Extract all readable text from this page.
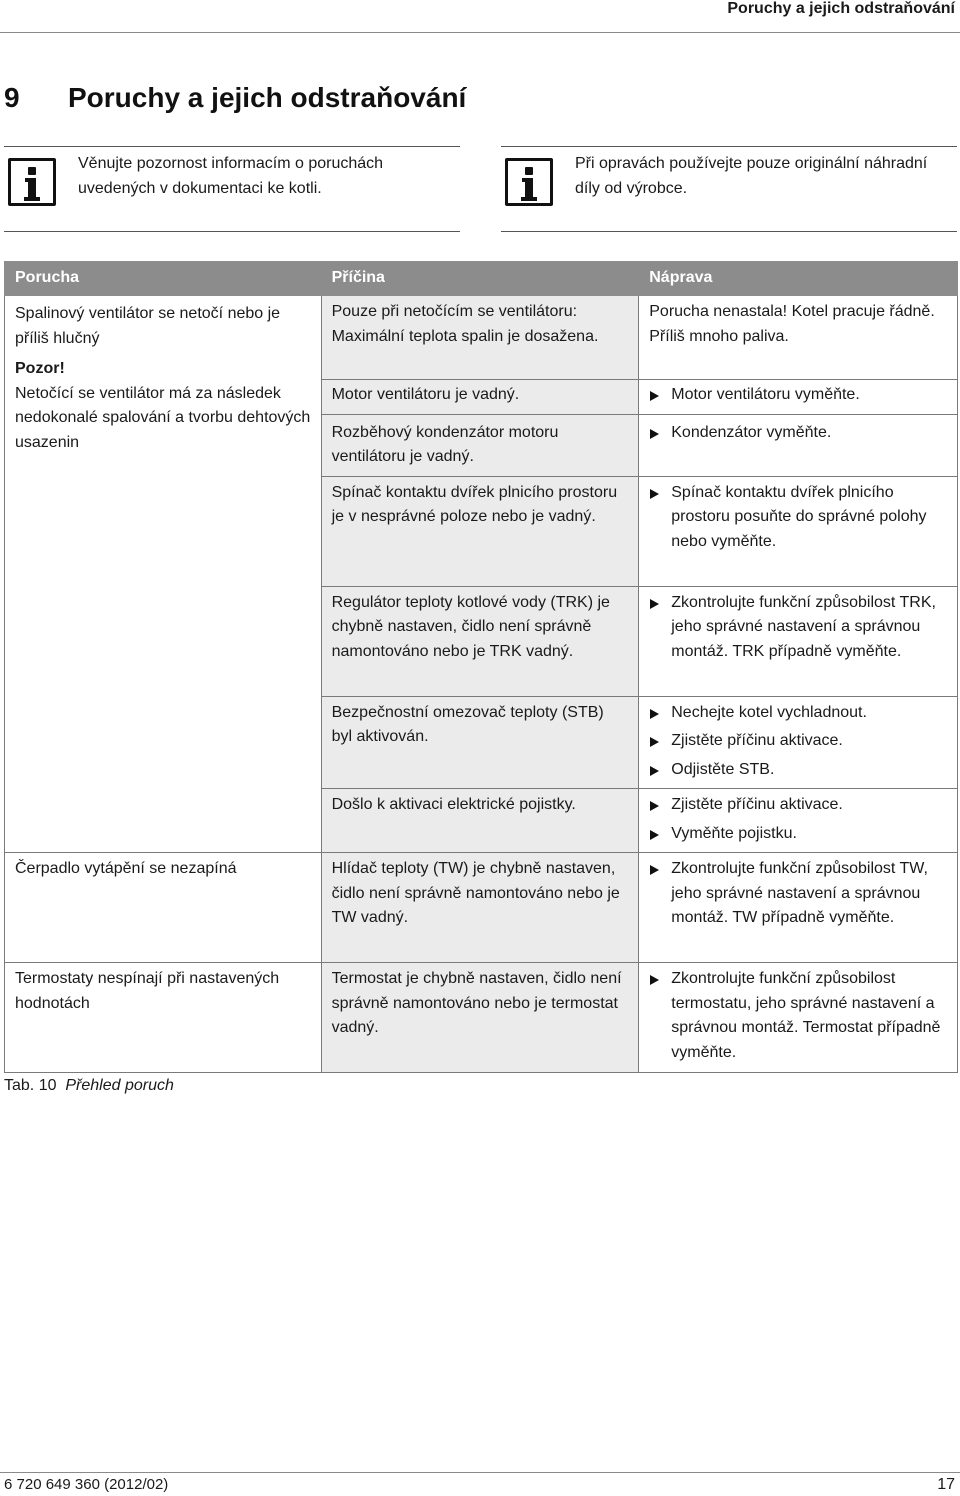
Poruchy a jejich odstraňování
9 Poruchy a jejich odstraňování
Věnujte pozornost informacím o poruchách uvedených v dokumentaci ke kotli.
Při opravách používejte pouze originální náhradní díly od výrobce.
Porucha	Příčina	Náprava

Spalinový ventilátor se netočí nebo je příliš hlučný
Pozor!
Netočící se ventilátor má za následek nedokonalé spalování a tvorbu dehtových usazenin	Pouze při netočícím se ventilátoru: Maximální teplota spalin je dosažena.	Porucha nenastala! Kotel pracuje řádně. Příliš mnoho paliva.
	Motor ventilátoru je vadný.	Motor ventilátoru vyměňte.

	Rozběhový kondenzátor motoru ventilátoru je vadný.	Kondenzátor vyměňte.

	Spínač kontaktu dvířek plnicího prostoru je v nesprávné poloze nebo je vadný.	Spínač kontaktu dvířek plnicího prostoru posuňte do správné polohy nebo vyměňte.

	Regulátor teploty kotlové vody (TRK) je chybně nastaven, čidlo není správně namontováno nebo je TRK vadný.	Zkontrolujte funkční způsobilost TRK, jeho správné nastavení a správnou montáž. TRK případně vyměňte.

	Bezpečnostní omezovač teploty (STB) byl aktivován.	Nechejte kotel vychladnout.
Zjistěte příčinu aktivace.
Odjistěte STB.

	Došlo k aktivaci elektrické pojistky.	Zjistěte příčinu aktivace.
Vyměňte pojistku.

Čerpadlo vytápění se nezapíná	Hlídač teploty (TW) je chybně nastaven, čidlo není správně namontováno nebo je TW vadný.	Zkontrolujte funkční způsobilost TW, jeho správné nastavení a správnou montáž. TW případně vyměňte.

Termostaty nespínají při nastavených hodnotách	Termostat je chybně nastaven, čidlo není správně namontováno nebo je termostat vadný.	Zkontrolujte funkční způsobilost termostatu, jeho správné nastavení a správnou montáž. Termostat případně vyměňte.
Tab. 10 Přehled poruch
6 720 649 360 (2012/02)	17
